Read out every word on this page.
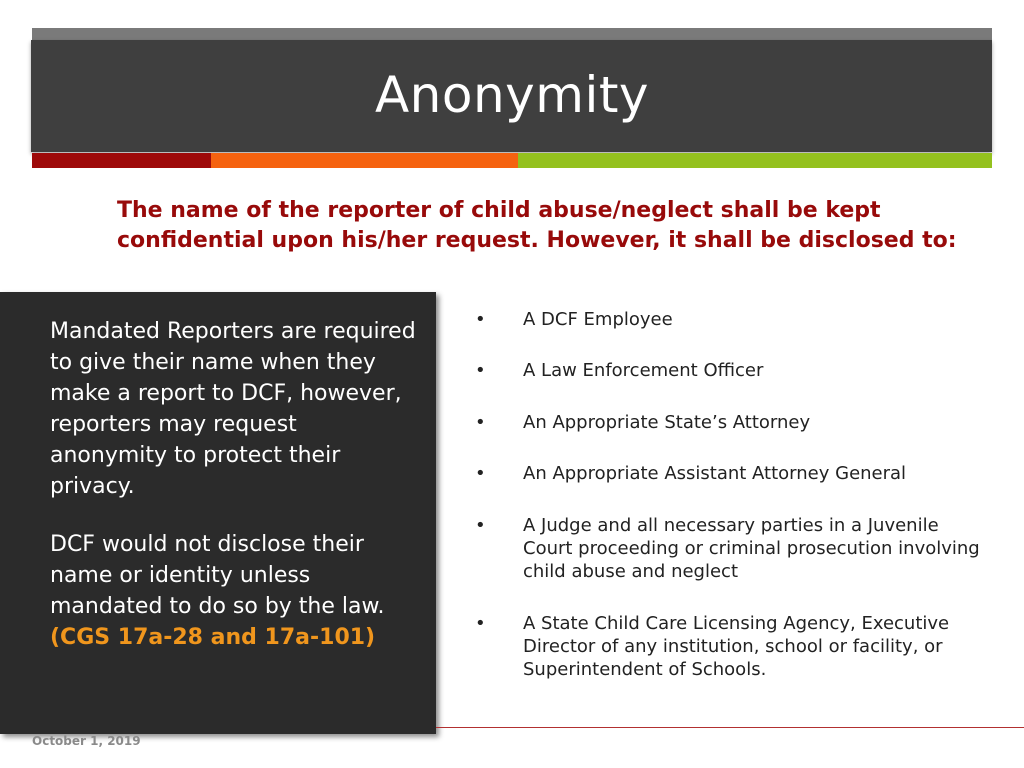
Anonymity
The name of the reporter of child abuse/neglect shall be kept
confidential upon his/her request. However, it shall be disclosed to:
Mandated Reporters are required to give their name when they make a report to DCF, however, reporters may request anonymity to protect their privacy.
DCF would not disclose their name or identity unless mandated to do so by the law. (CGS 17a-28 and 17a-101)
• A DCF Employee
• A Law Enforcement Officer
• An Appropriate State’s Attorney
• An Appropriate Assistant Attorney General
• A Judge and all necessary parties in a Juvenile Court proceeding or criminal prosecution involving child abuse and neglect
• A State Child Care Licensing Agency, Executive Director of any institution, school or facility, or Superintendent of Schools.
October 1, 2019
